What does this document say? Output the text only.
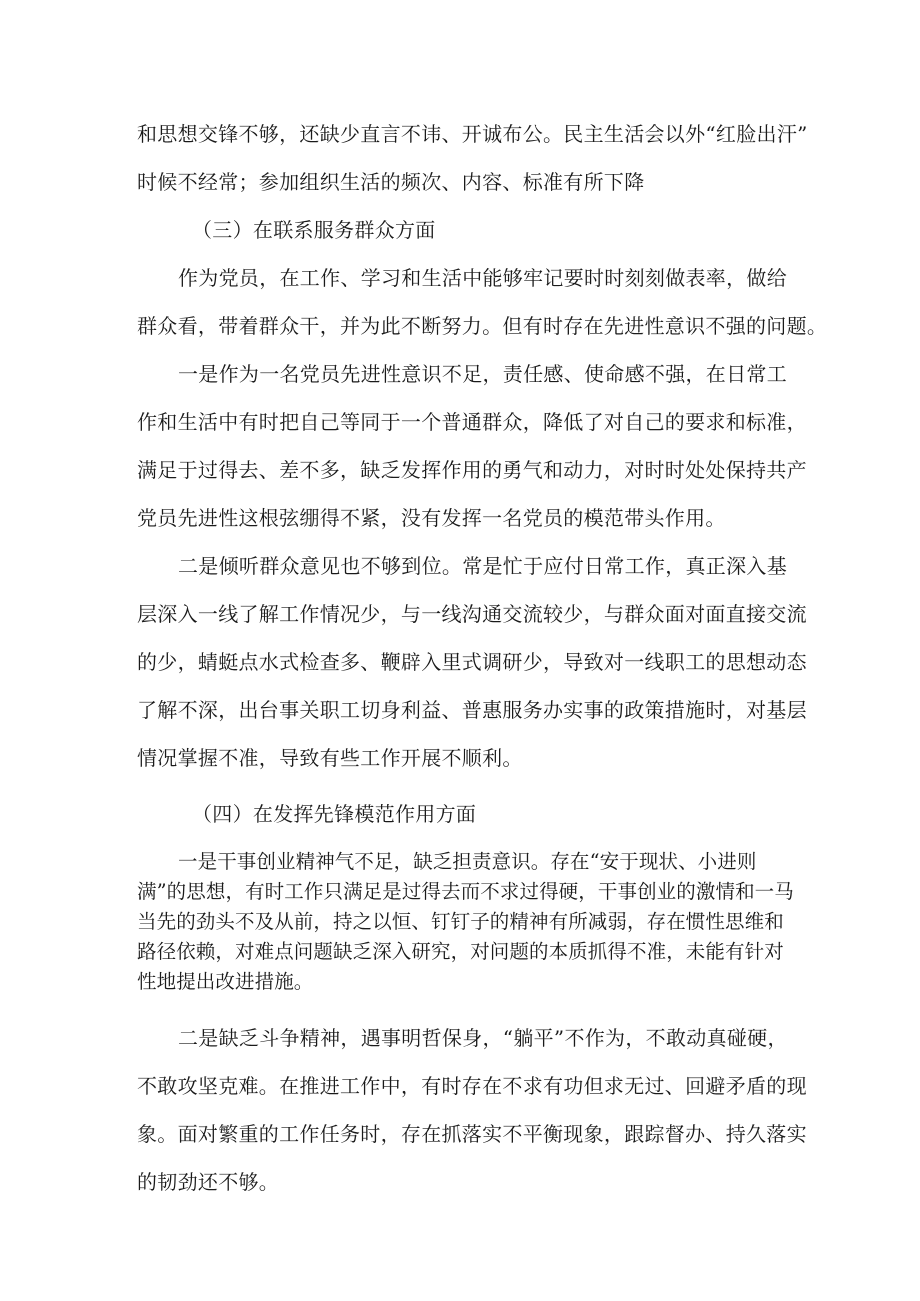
和思想交锋不够，还缺少直言不讳、开诚布公。民主生活会以外“红脸出汗”
时候不经常；参加组织生活的频次、内容、标准有所下降
（三）在联系服务群众方面
作为党员，在工作、学习和生活中能够牢记要时时刻刻做表率，做给
群众看，带着群众干，并为此不断努力。但有时存在先进性意识不强的问题。
一是作为一名党员先进性意识不足，责任感、使命感不强，在日常工
作和生活中有时把自己等同于一个普通群众，降低了对自己的要求和标准，
满足于过得去、差不多，缺乏发挥作用的勇气和动力，对时时处处保持共产
党员先进性这根弦绷得不紧，没有发挥一名党员的模范带头作用。
二是倾听群众意见也不够到位。常是忙于应付日常工作，真正深入基
层深入一线了解工作情况少，与一线沟通交流较少，与群众面对面直接交流
的少，蜻蜓点水式检查多、鞭辟入里式调研少，导致对一线职工的思想动态
了解不深，出台事关职工切身利益、普惠服务办实事的政策措施时，对基层
情况掌握不准，导致有些工作开展不顺利。
（四）在发挥先锋模范作用方面
一是干事创业精神气不足，缺乏担责意识。存在“安于现状、小进则
满”的思想，有时工作只满足是过得去而不求过得硬，干事创业的激情和一马
当先的劲头不及从前，持之以恒、钉钉子的精神有所减弱，存在惯性思维和
路径依赖，对难点问题缺乏深入研究，对问题的本质抓得不准，未能有针对
性地提出改进措施。
二是缺乏斗争精神，遇事明哲保身，“躺平”不作为，不敢动真碰硬，
不敢攻坚克难。在推进工作中，有时存在不求有功但求无过、回避矛盾的现
象。面对繁重的工作任务时，存在抓落实不平衡现象，跟踪督办、持久落实
的韧劲还不够。
